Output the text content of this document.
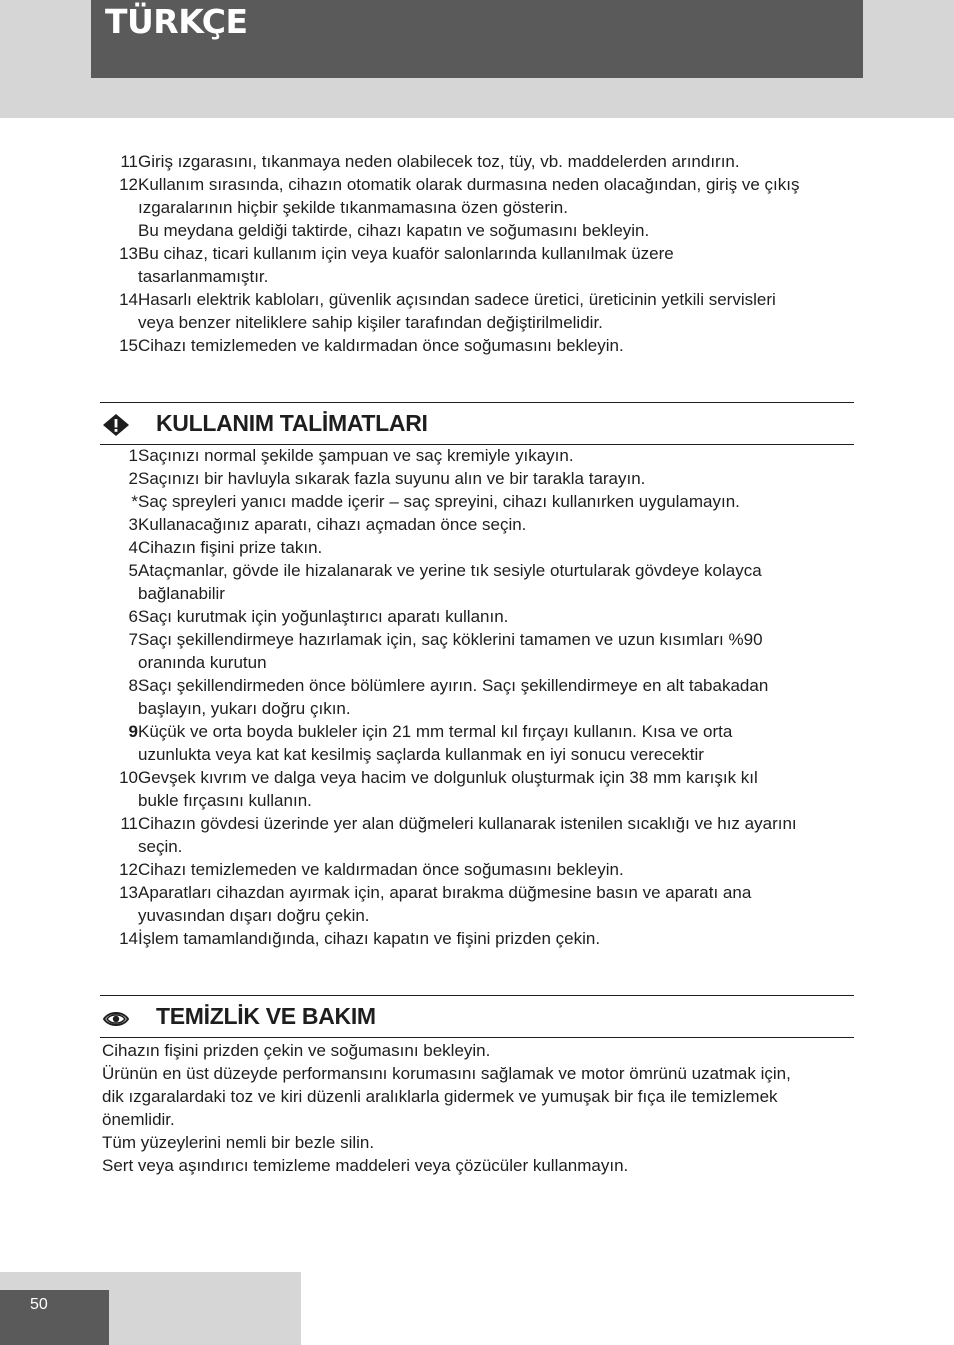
TÜRKÇE
11 Giriş ızgarasını, tıkanmaya neden olabilecek toz, tüy, vb. maddelerden arındırın.
12 Kullanım sırasında, cihazın otomatik olarak durmasına neden olacağından, giriş ve çıkış
ızgaralarının hiçbir şekilde tıkanmamasına özen gösterin.
Bu meydana geldiği taktirde, cihazı kapatın ve soğumasını bekleyin.
13 Bu cihaz, ticari kullanım için veya kuaför salonlarında kullanılmak üzere
tasarlanmamıştır.
14 Hasarlı elektrik kabloları, güvenlik açısından sadece üretici, üreticinin yetkili servisleri
veya benzer niteliklere sahip kişiler tarafından değiştirilmelidir.
15 Cihazı temizlemeden ve kaldırmadan önce soğumasını bekleyin.
KULLANIM TALİMATLARI
1 Saçınızı normal şekilde şampuan ve saç kremiyle yıkayın.
2 Saçınızı bir havluyla sıkarak fazla suyunu alın ve bir tarakla tarayın.
* Saç spreyleri yanıcı madde içerir – saç spreyini, cihazı kullanırken uygulamayın.
3 Kullanacağınız aparatı, cihazı açmadan önce seçin.
4 Cihazın fişini prize takın.
5 Ataçmanlar, gövde ile hizalanarak ve yerine tık sesiyle oturtularak gövdeye kolayca
bağlanabilir
6 Saçı kurutmak için yoğunlaştırıcı aparatı kullanın.
7 Saçı şekillendirmeye hazırlamak için, saç köklerini tamamen ve uzun kısımları %90
oranında kurutun
8 Saçı şekillendirmeden önce bölümlere ayırın. Saçı şekillendirmeye en alt tabakadan
başlayın, yukarı doğru çıkın.
9 Küçük ve orta boyda bukleler için 21 mm termal kıl fırçayı kullanın. Kısa ve orta
uzunlukta veya kat kat kesilmiş saçlarda kullanmak en iyi sonucu verecektir
10 Gevşek kıvrım ve dalga veya hacim ve dolgunluk oluşturmak için 38 mm karışık kıl
bukle fırçasını kullanın.
11 Cihazın gövdesi üzerinde yer alan düğmeleri kullanarak istenilen sıcaklığı ve hız ayarını
seçin.
12 Cihazı temizlemeden ve kaldırmadan önce soğumasını bekleyin.
13 Aparatları cihazdan ayırmak için, aparat bırakma düğmesine basın ve aparatı ana
yuvasından dışarı doğru çekin.
14 İşlem tamamlandığında, cihazı kapatın ve fişini prizden çekin.
TEMİZLİK VE BAKIM

Cihazın fişini prizden çekin ve soğumasını bekleyin.

Ürünün en üst düzeyde performansını korumasını sağlamak ve motor ömrünü uzatmak için,

dik ızgaralardaki toz ve kiri düzenli aralıklarla gidermek ve yumuşak bir fıça ile temizlemek

önemlidir.

Tüm yüzeylerini nemli bir bezle silin.

Sert veya aşındırıcı temizleme maddeleri veya çözücüler kullanmayın.

50
